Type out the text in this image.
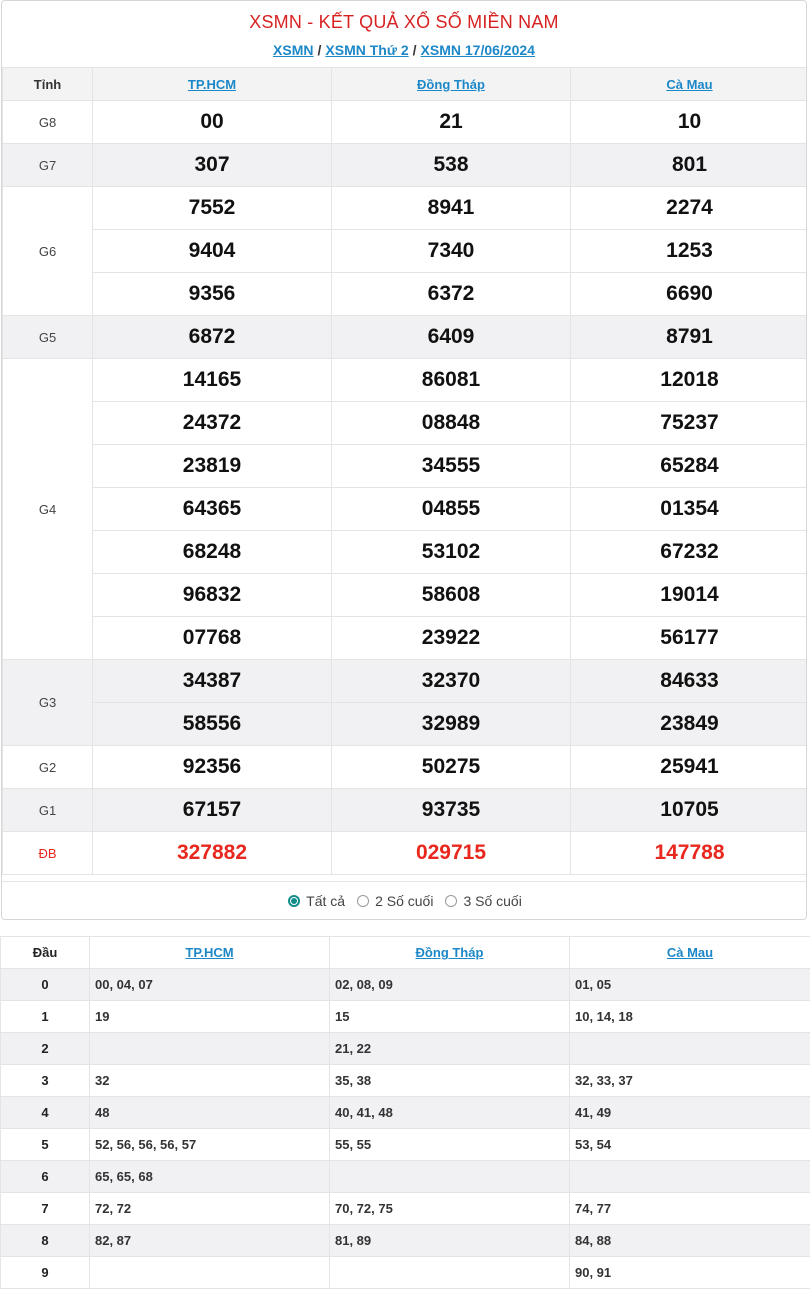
XSMN - KẾT QUẢ XỔ SỐ MIỀN NAM
XSMN / XSMN Thứ 2 / XSMN 17/06/2024
Tỉnh	TP.HCM	Đồng Tháp	Cà Mau
G8	00	21	10
G7	307	538	801
G6	7552	8941	2274
	9404	7340	1253
	9356	6372	6690
G5	6872	6409	8791
G4	14165	86081	12018
	24372	08848	75237
	23819	34555	65284
	64365	04855	01354
	68248	53102	67232
	96832	58608	19014
	07768	23922	56177
G3	34387	32370	84633
	58556	32989	23849
G2	92356	50275	25941
G1	67157	93735	10705
ĐB	327882	029715	147788
Tất cả 2 Số cuối 3 Số cuối
Đầu	TP.HCM	Đồng Tháp	Cà Mau
0	00, 04, 07	02, 08, 09	01, 05
1	19	15	10, 14, 18
2		21, 22	
3	32	35, 38	32, 33, 37
4	48	40, 41, 48	41, 49
5	52, 56, 56, 56, 57	55, 55	53, 54
6	65, 65, 68		
7	72, 72	70, 72, 75	74, 77
8	82, 87	81, 89	84, 88
9			90, 91
